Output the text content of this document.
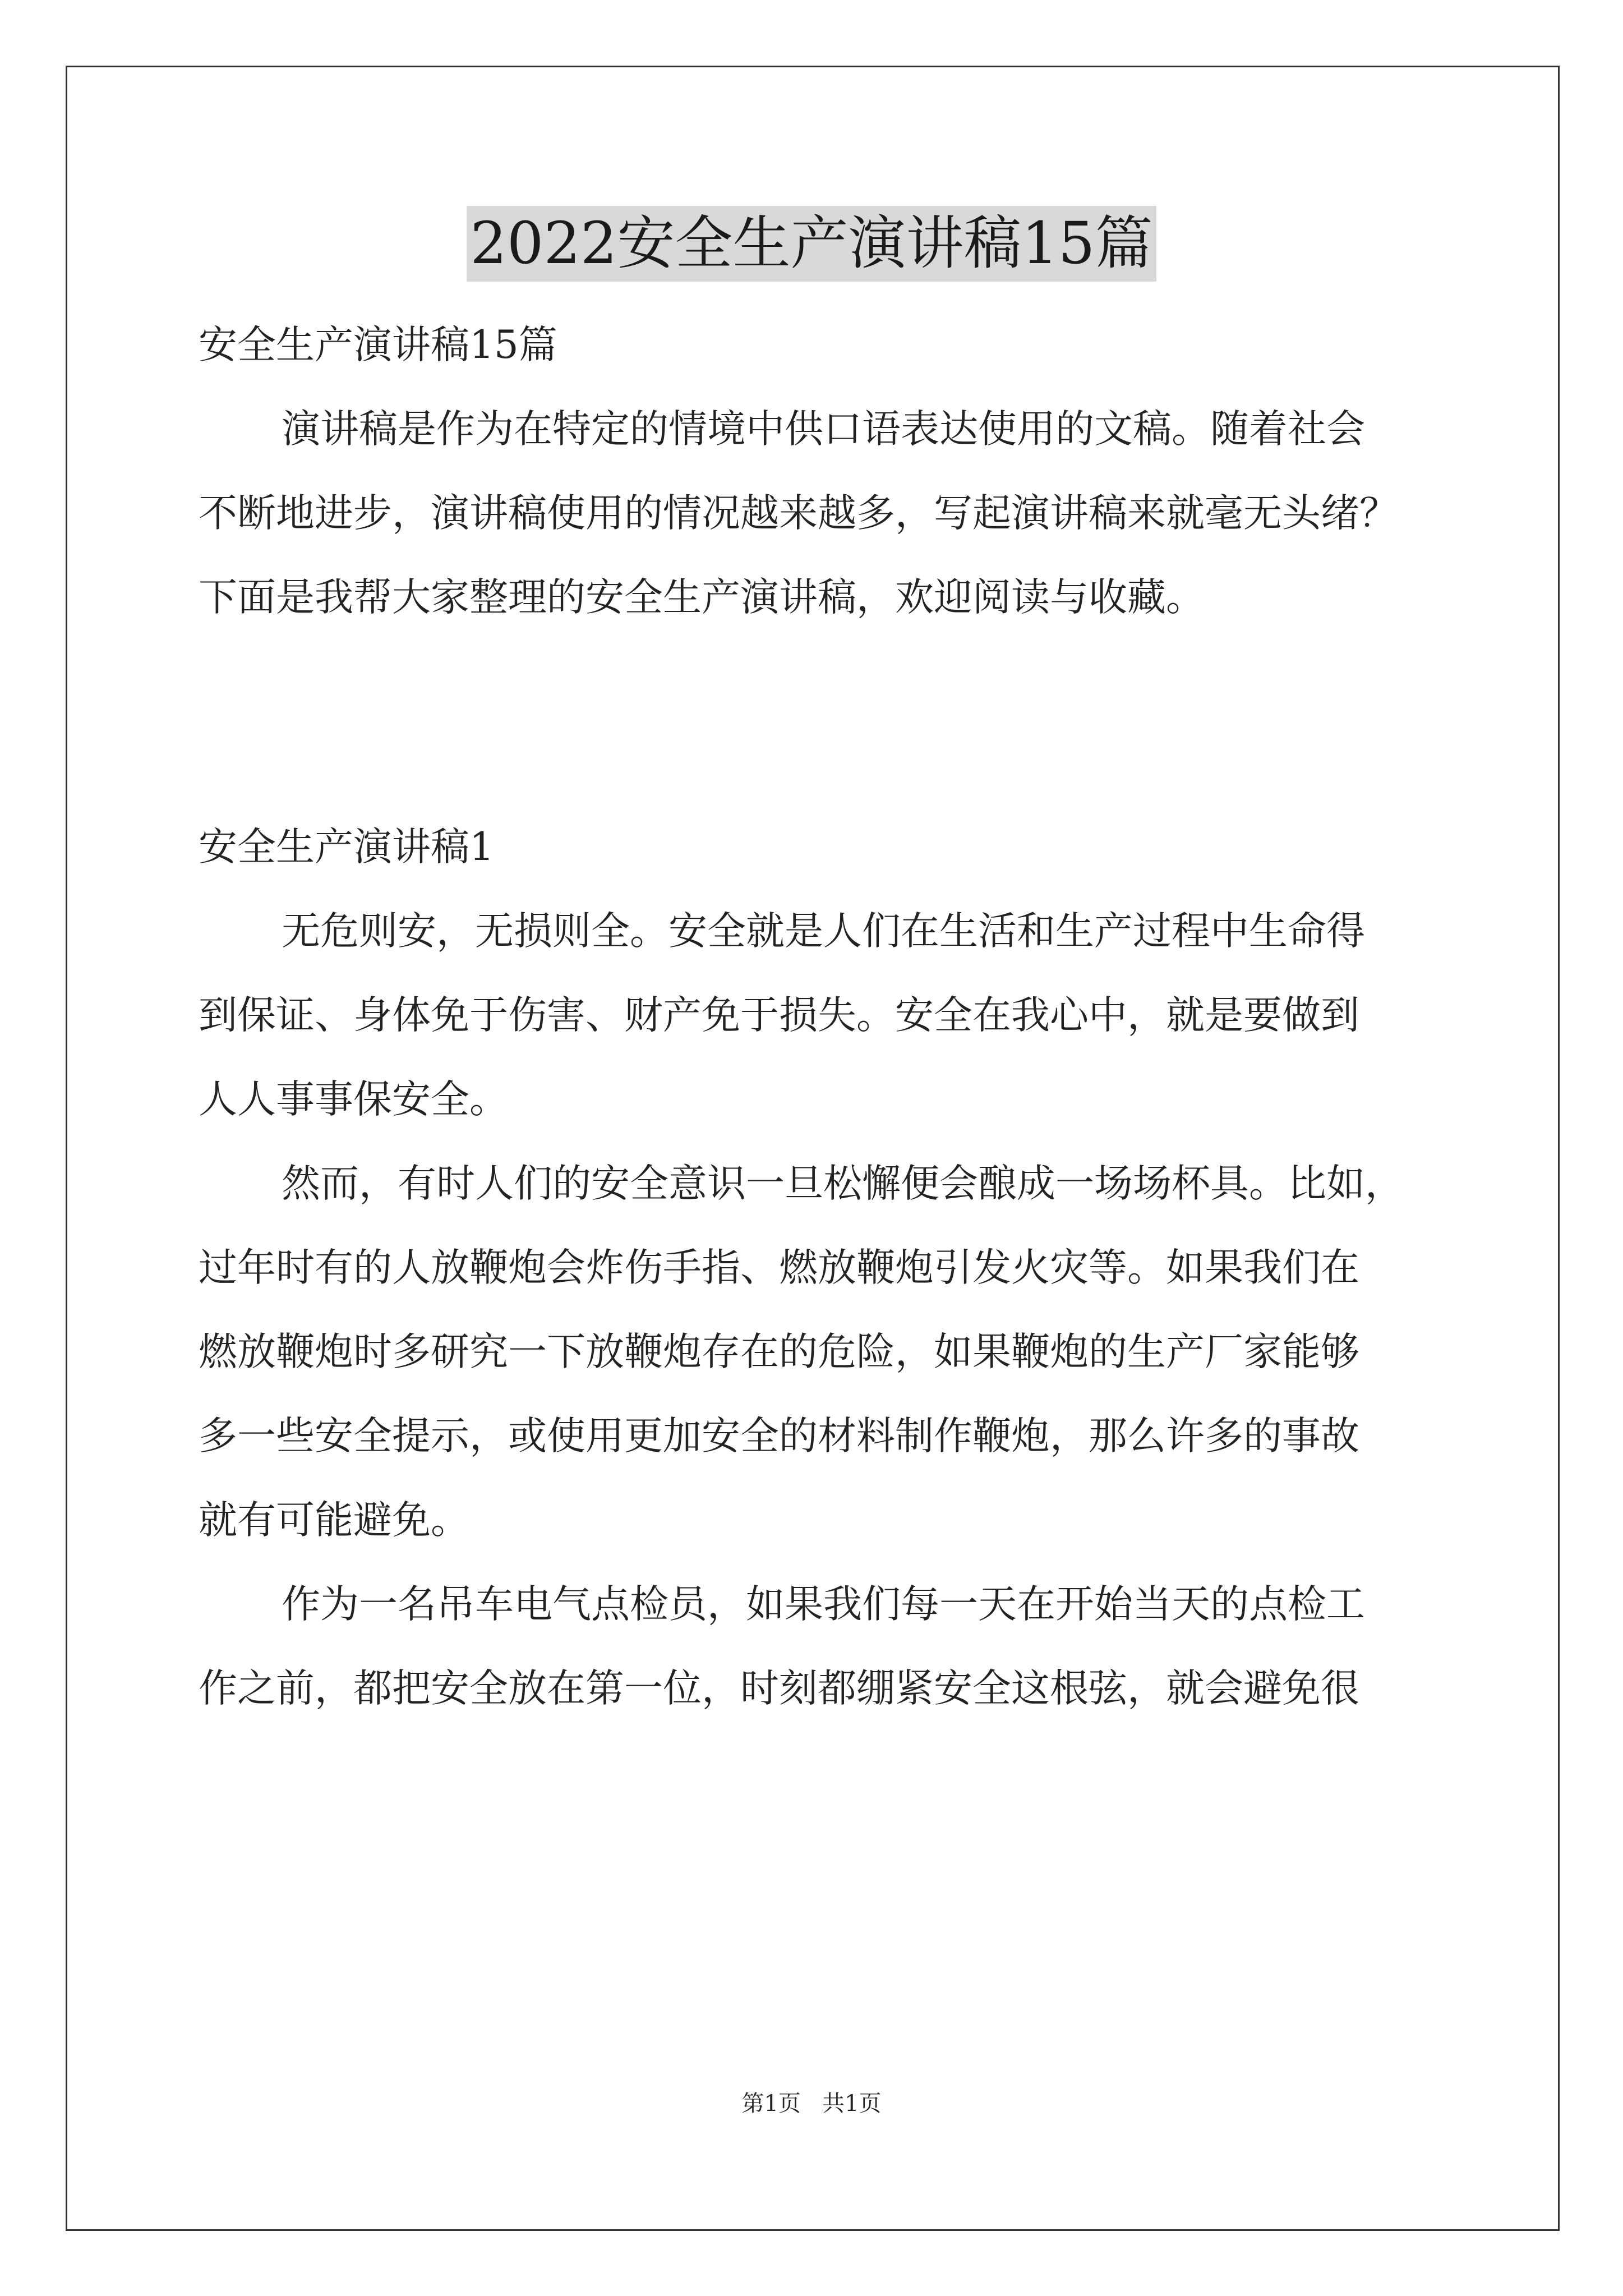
2022安全生产演讲稿15篇
安全生产演讲稿15篇
演讲稿是作为在特定的情境中供口语表达使用的文稿。随着社会
不断地进步，演讲稿使用的情况越来越多，写起演讲稿来就毫无头绪？
下面是我帮大家整理的安全生产演讲稿，欢迎阅读与收藏。
安全生产演讲稿1
无危则安，无损则全。安全就是人们在生活和生产过程中生命得
到保证、身体免于伤害、财产免于损失。安全在我心中，就是要做到
人人事事保安全。
然而，有时人们的安全意识一旦松懈便会酿成一场场杯具。比如，
过年时有的人放鞭炮会炸伤手指、燃放鞭炮引发火灾等。如果我们在
燃放鞭炮时多研究一下放鞭炮存在的危险，如果鞭炮的生产厂家能够
多一些安全提示，或使用更加安全的材料制作鞭炮，那么许多的事故
就有可能避免。
作为一名吊车电气点检员，如果我们每一天在开始当天的点检工
作之前，都把安全放在第一位，时刻都绷紧安全这根弦，就会避免很
第1页   共1页
